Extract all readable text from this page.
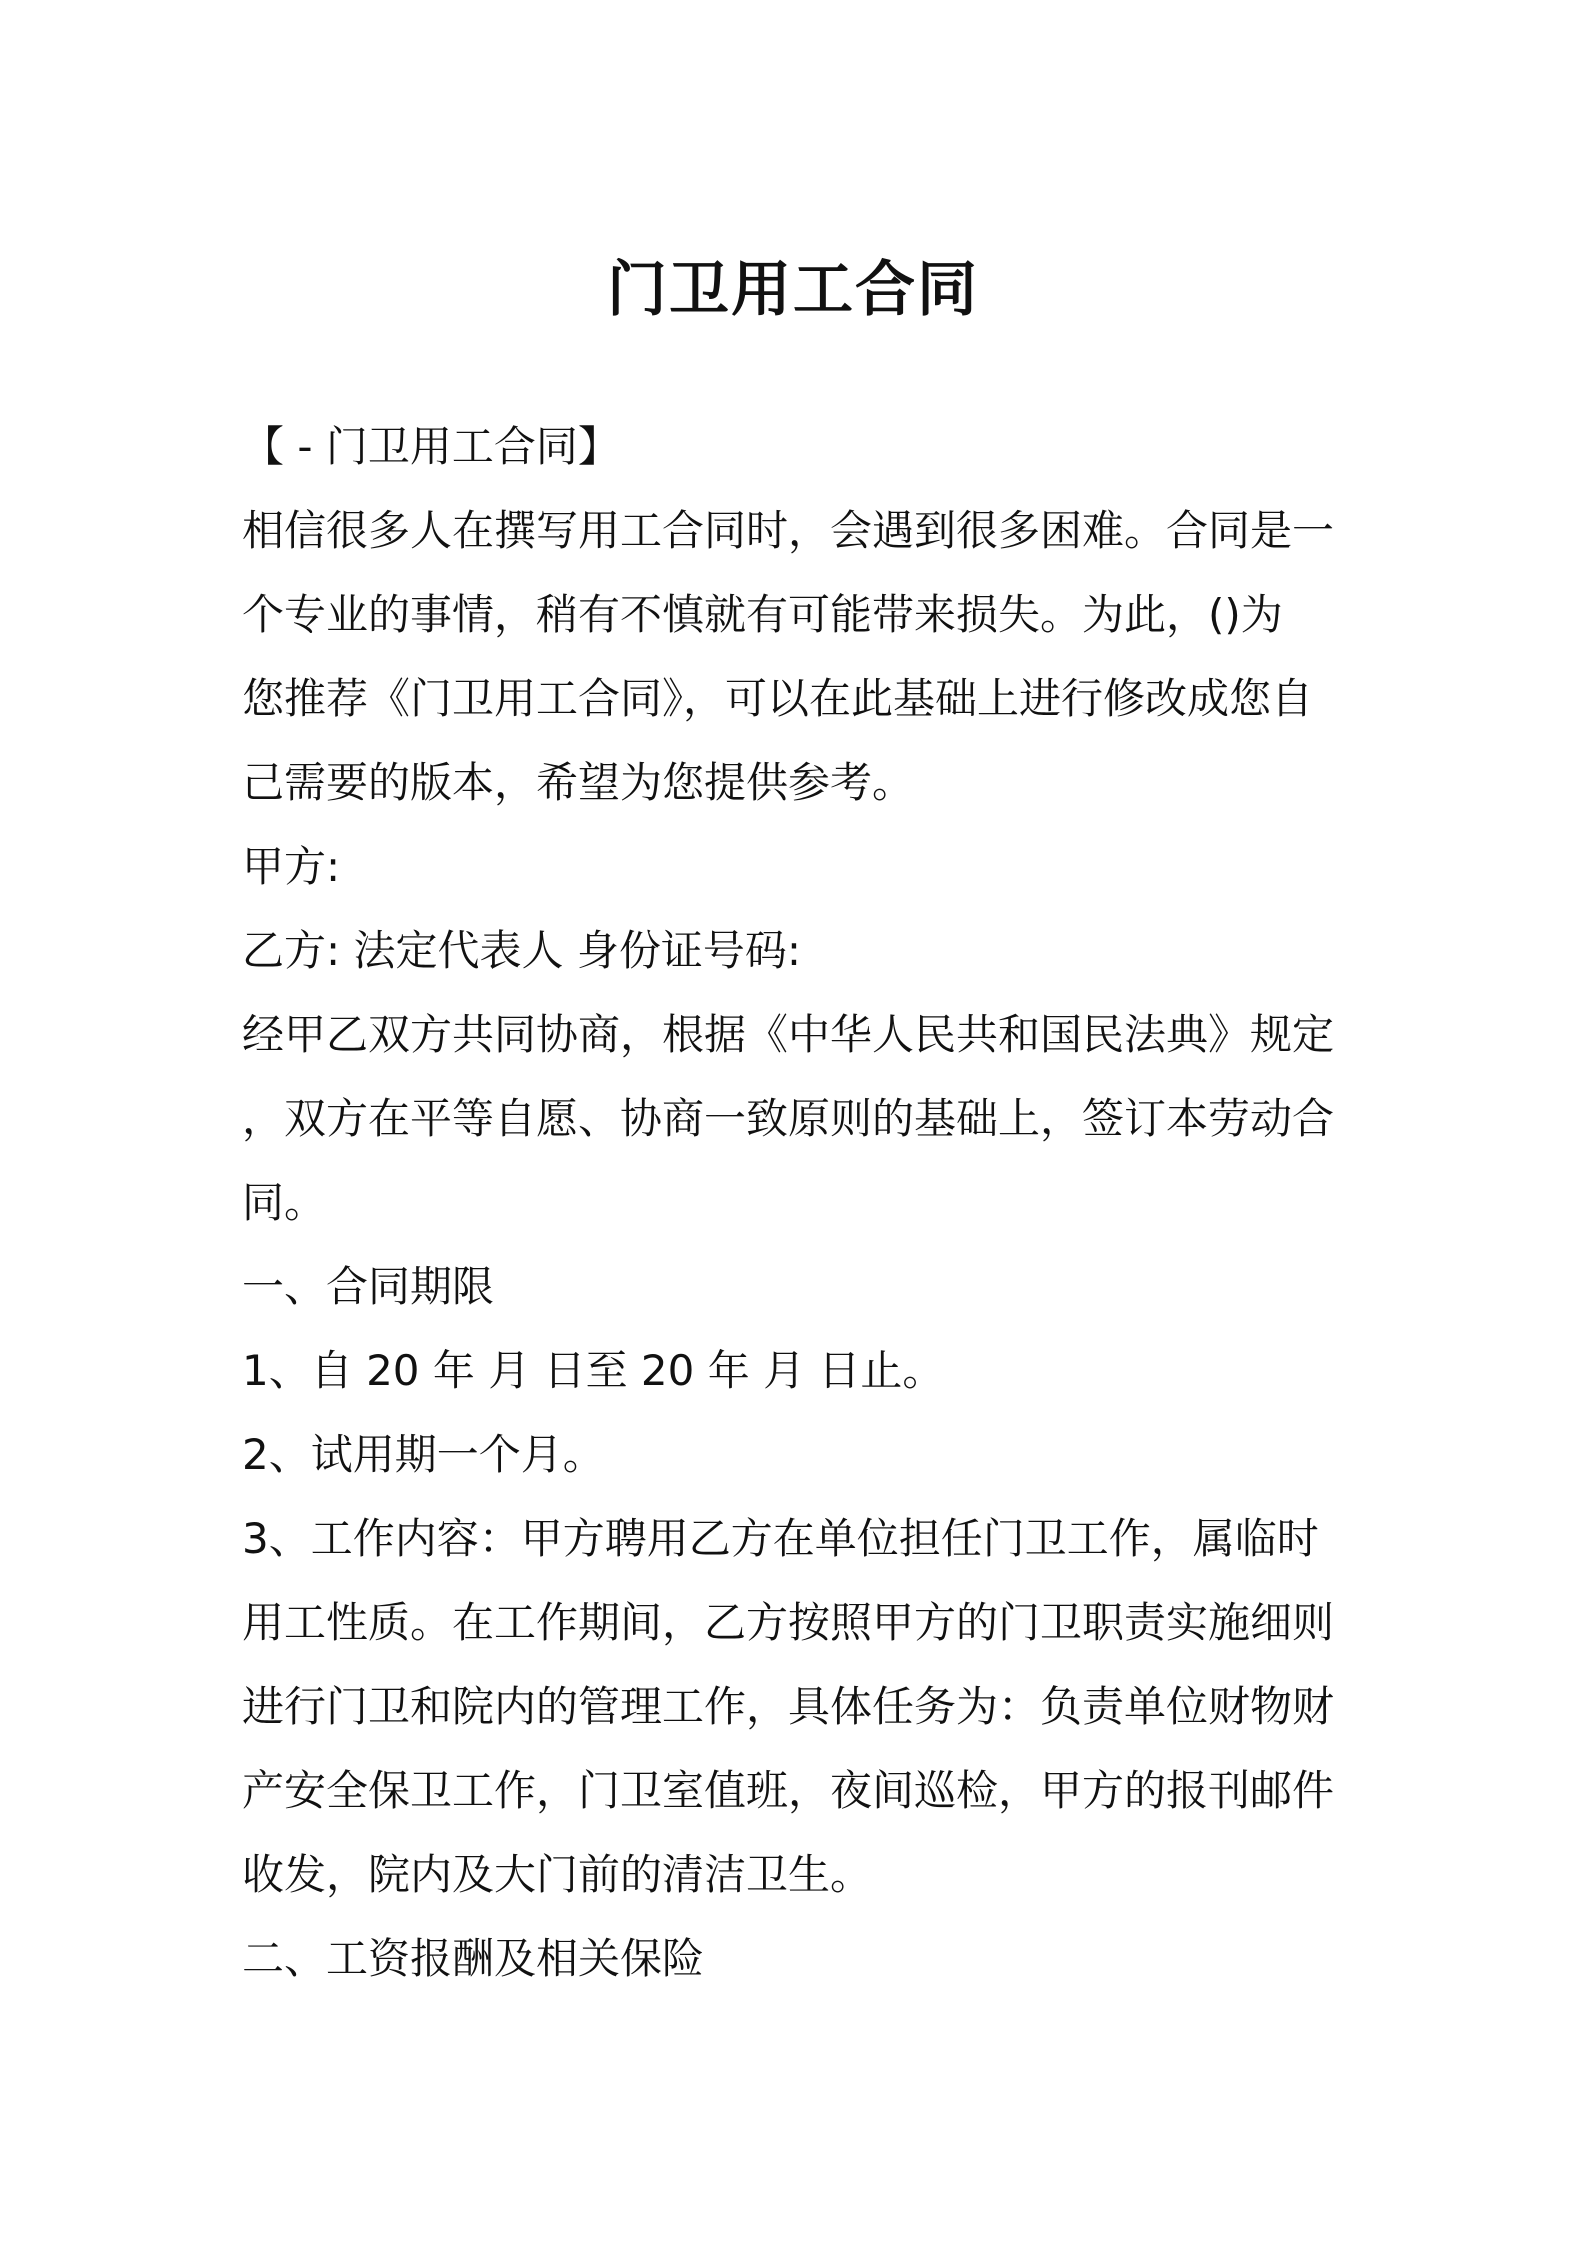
门卫用工合同
【 - 门卫用工合同】
相信很多人在撰写用工合同时，会遇到很多困难。合同是一
个专业的事情，稍有不慎就有可能带来损失。为此，()为
您推荐《门卫用工合同》，可以在此基础上进行修改成您自
己需要的版本，希望为您提供参考。
甲方:
乙方: 法定代表人 身份证号码:
经甲乙双方共同协商，根据《中华人民共和国民法典》规定
，双方在平等自愿、协商一致原则的基础上，签订本劳动合
同。
一、合同期限
1、自 20 年 月 日至 20 年 月 日止。
2、试用期一个月。
3、工作内容：甲方聘用乙方在单位担任门卫工作，属临时
用工性质。在工作期间，乙方按照甲方的门卫职责实施细则
进行门卫和院内的管理工作，具体任务为：负责单位财物财
产安全保卫工作，门卫室值班，夜间巡检，甲方的报刊邮件
收发，院内及大门前的清洁卫生。
二、工资报酬及相关保险
